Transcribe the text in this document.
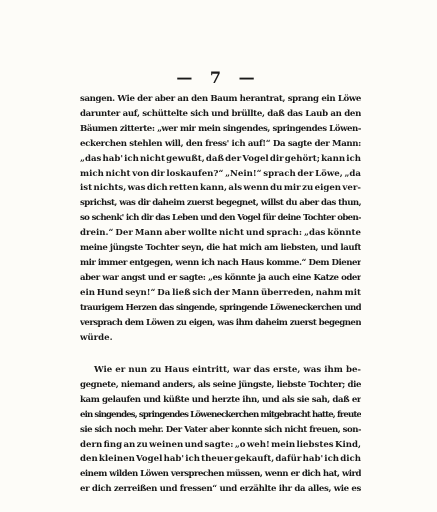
— 7 —
sangen. Wie der aber an den Baum herantrat, sprang ein Löwe
darunter auf, schüttelte sich und brüllte, daß das Laub an den
Bäumen zitterte: „wer mir mein singendes, springendes Löwen-
eckerchen stehlen will, den fress' ich auf!“ Da sagte der Mann:
„das hab' ich nicht gewußt, daß der Vogel dir gehört; kann ich
mich nicht von dir loskaufen?“ „Nein!“ sprach der Löwe, „da
ist nichts, was dich retten kann, als wenn du mir zu eigen ver-
sprichst, was dir daheim zuerst begegnet, willst du aber das thun,
so schenk' ich dir das Leben und den Vogel für deine Tochter oben-
drein.“ Der Mann aber wollte nicht und sprach: „das könnte
meine jüngste Tochter seyn, die hat mich am liebsten, und lauft
mir immer entgegen, wenn ich nach Haus komme.“ Dem Diener
aber war angst und er sagte: „es könnte ja auch eine Katze oder
ein Hund seyn!“ Da ließ sich der Mann überreden, nahm mit
traurigem Herzen das singende, springende Löweneckerchen und
versprach dem Löwen zu eigen, was ihm daheim zuerst begegnen
würde.
Wie er nun zu Haus eintritt, war das erste, was ihm be-
gegnete, niemand anders, als seine jüngste, liebste Tochter; die
kam gelaufen und küßte und herzte ihn, und als sie sah, daß er
ein singendes, springendes Löweneckerchen mitgebracht hatte, freute
sie sich noch mehr. Der Vater aber konnte sich nicht freuen, son-
dern fing an zu weinen und sagte: „o weh! mein liebstes Kind,
den kleinen Vogel hab' ich theuer gekauft, dafür hab' ich dich
einem wilden Löwen versprechen müssen, wenn er dich hat, wird
er dich zerreißen und fressen“ und erzählte ihr da alles, wie es
